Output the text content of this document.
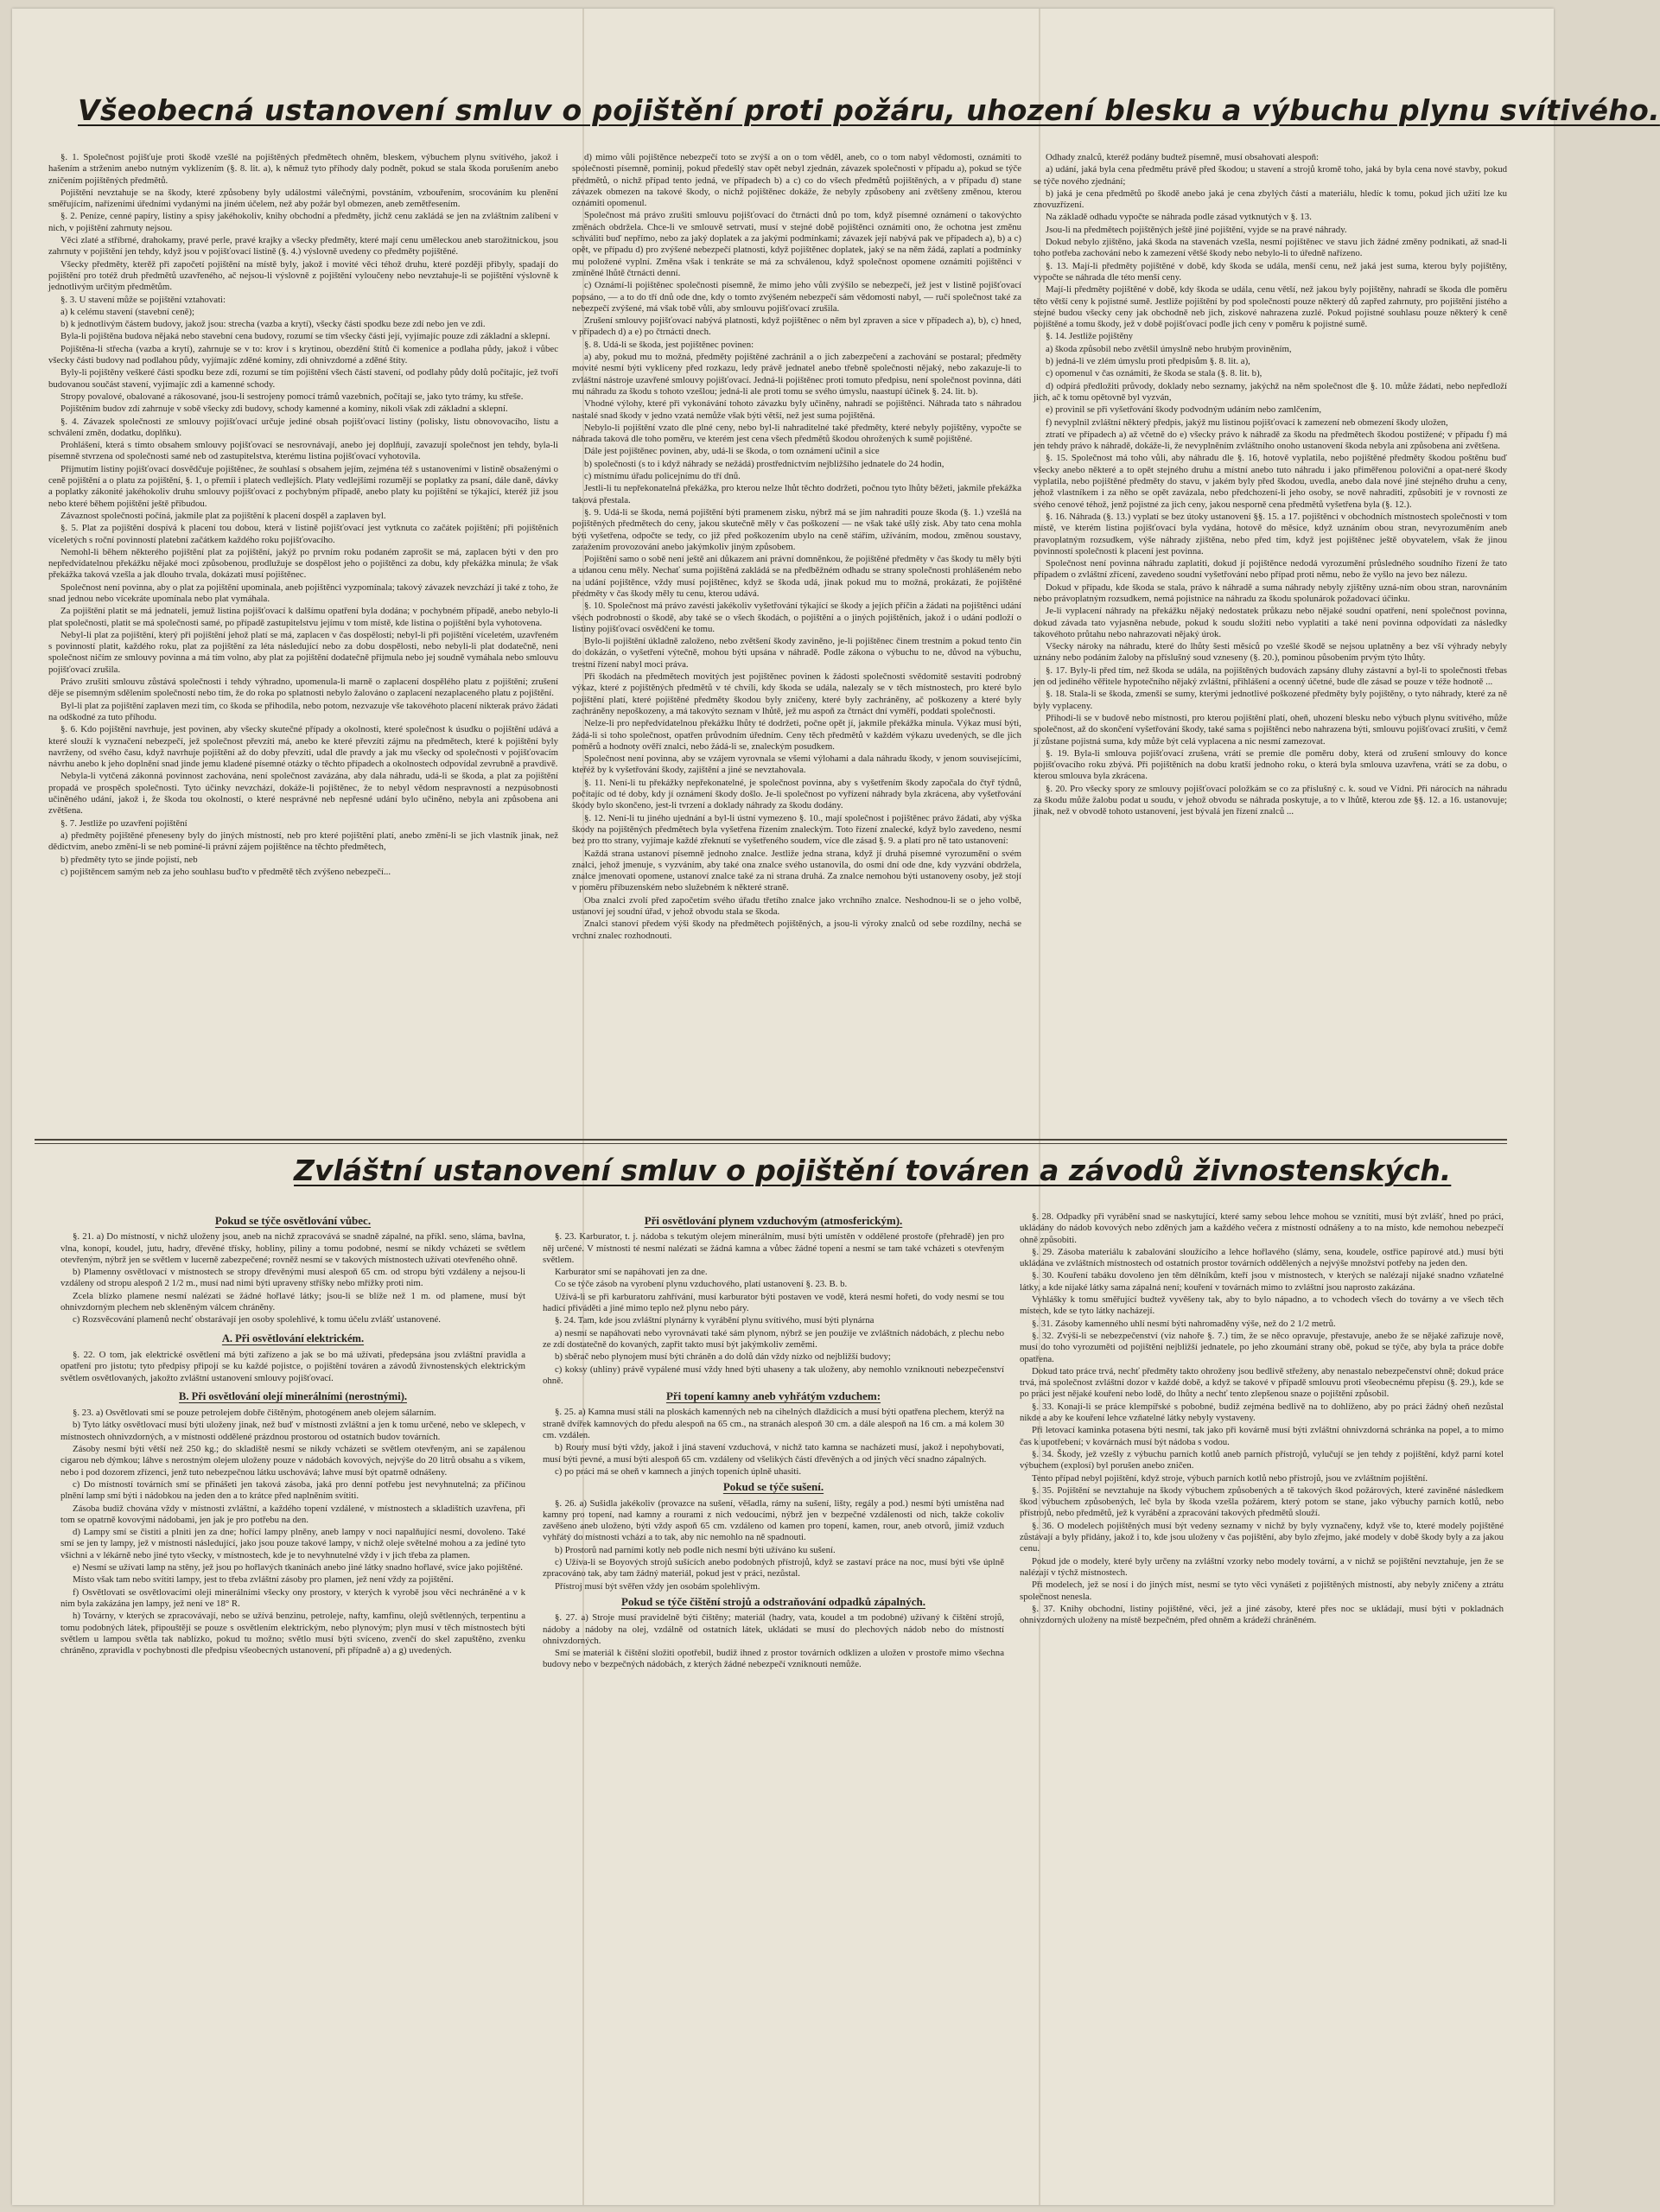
Všeobecná ustanovení smluv o pojištění proti požáru, uhození blesku a výbuchu plynu svítivého.

§. 1. Společnost pojišťuje proti škodě vzešlé na pojištěných předmětech ohněm, bleskem, výbuchem plynu svítivého, jakož i hašením a strženim anebo nutným vyklizením (§. 8. lit. a), k němuž tyto příhody daly podnět, pokud se stala škoda porušením anebo zničením pojištěných předmětů.

Pojištění nevztahuje se na škody, které způsobeny byly událostmi válečnými, povstáním, vzbouřením, srocováním ku plenění směřujícím, nařízeními úředními vydanými na jiném účelem, než aby požár byl obmezen, aneb zemětřesením.

§. 2. Peníze, cenné papíry, listiny a spisy jakéhokoliv, knihy obchodní a předměty, jichž cenu zakládá se jen na zvláštním zalíbení v nich, v pojištění zahrnuty nejsou.

Věci zlaté a stříbrné, drahokamy, pravé perle, pravé krajky a všecky předměty, které mají cenu uměleckou aneb starožitnickou, jsou zahrnuty v pojištění jen tehdy, když jsou v pojišťovací listině (§. 4.) výslovně uvedeny co předměty pojištěné.

Všecky předměty, kterěž při započetí pojištění na místě byly, jakož i movité věci téhož druhu, které později přibyly, spadají do pojištění pro totéž druh předmětů uzavřeného, ač nejsou-li výslovně z pojištění vyloučeny nebo nevztahuje-li se pojištění výslovně k jednotlivým určitým předmětům.

§. 3. U stavení může se pojištění vztahovati:

a) k celému stavení (stavební ceně);

b) k jednotlivým částem budovy, jakož jsou: strecha (vazba a krytí), všecky části spodku beze zdí nebo jen ve zdi.

Byla-li pojištěna budova nějaká nebo stavební cena budovy, rozumí se tím všecky části její, vyjímajíc pouze zdi základní a sklepní.

Pojištěna-li střecha (vazba a krytí), zahrnuje se v to: krov i s krytinou, obezdění štítů či komenice a podlaha půdy, jakož i vůbec všecky části budovy nad podlahou půdy, vyjímajíc zděné kominy, zdi ohnivzdorné a zděné štíty.

Byly-li pojištěny veškeré části spodku beze zdí, rozumí se tím pojištění všech částí stavení, od podlahy půdy dolů počítajíc, jež tvoří budovanou součást stavení, vyjímajíc zdi a kamenné schody.

Stropy povalové, obalované a rákosované, jsou-li sestrojeny pomocí trámů vazebních, počítají se, jako tyto trámy, ku střeše.

Pojištěním budov zdí zahrnuje v sobě všecky zdi budovy, schody kamenné a kominy, nikoli však zdi základní a sklepní.

§. 4. Závazek společnosti ze smlouvy pojišťovací určuje jediné obsah pojišťovací listiny (polisky, listu obnovovacího, listu a schválení změn, dodatku, doplňku).

Prohlášení, která s tímto obsahem smlouvy pojišťovací se nesrovnávají, anebo jej doplňují, zavazují společnost jen tehdy, byla-li písemně stvrzena od společnosti samé neb od zastupitelstva, kterému listina pojišťovací vyhotovila.

Přijmutím listiny pojišťovací dosvědčuje pojištěnec, že souhlasí s obsahem jejím, zejména též s ustanoveními v listině obsaženými o ceně pojištění a o platu za pojištění, §. 1, o přemíi i platech vedlejších. Platy vedlejšími rozumějí se poplatky za psaní, dále daně, dávky a poplatky zákonité jakéhokoliv druhu smlouvy pojišťovací z pochybným případě, anebo platy ku pojištění se týkající, kteréž již jsou nebo které během pojištění ještě přibudou.

Závaznost společnosti počíná, jakmile plat za pojištění k placení dospěl a zaplaven byl.

§. 5. Plat za pojištění dospívá k placení tou dobou, která v listině pojišťovací jest vytknuta co začátek pojištění; při pojištěních víceletých s roční povinností platební začátkem každého roku pojišťovacího.

Nemohl-li během některého pojištění plat za pojištění, jakýž po prvním roku podaném zaprošit se má, zaplacen býti v den pro nepředvídatelnou překážku nějaké moci způsobenou, prodlužuje se dospělost jeho o pojištěnci za dobu, kdy překážka minula; že však překážka taková vzešla a jak dlouho trvala, dokázati musí pojištěnec.

Společnost není povinna, aby o plat za pojištění upominala, aneb pojištěnci vyzpomínala; takový závazek nevzchází ji také z toho, že snad jednou nebo vícekráte upomínala nebo plat vymáhala.

Za pojištění platit se má jednateli, jemuž listina pojišťovací k dalšímu opatření byla dodána; v pochybném případě, anebo nebylo-li plat společnosti, platit se má společnosti samé, po případě zastupitelstvu jejímu v tom místě, kde listina o pojištění byla vyhotovena.

Nebyl-li plat za pojištění, který při pojištění jehož platí se má, zaplacen v čas dospělosti; nebyl-li při pojištění víceletém, uzavřeném s povinností platit, každého roku, plat za pojištění za léta následující nebo za dobu dospělosti, nebo nebyli-li plat dodatečně, neni společnost ničím ze smlouvy povinna a má tím volno, aby plat za pojištění dodatečně přijmula nebo jej soudně vymáhala nebo smlouvu pojišťovací zrušila.

Právo zrušiti smlouvu zůstává společnosti i tehdy výhradno, upomenula-li marně o zaplacení dospělého platu z pojištění; zrušení děje se písemným sdělením společností nebo tím, že do roka po splatnosti nebylo žalováno o zaplacení nezaplaceného platu z pojištění.

Byl-li plat za pojištění zaplaven mezi tím, co škoda se přihodila, nebo potom, nezvazuje vše takovéhoto placení nikterak právo žádati na odškodné za tuto příhodu.

§. 6. Kdo pojištění navrhuje, jest povinen, aby všecky skutečné případy a okolnosti, které společnost k úsudku o pojištění udává a které slouží k vyznačení nebezpečí, jež společnost převzíti má, anebo ke které převzíti zájmu na předmětech, které k pojištění byly navrženy, od svého času, když navrhuje pojištění až do doby převzíti, udal dle pravdy a jak mu všecky od společnosti v pojišťovacím návrhu anebo k jeho doplnění snad jinde jemu kladené písemné otázky o těchto případech a okolnostech odpovídal zevrubně a pravdivě.

Nebyla-li vytčená zákonná povinnost zachována, není společnost zavázána, aby dala náhradu, udá-li se škoda, a plat za pojištění propadá ve prospěch společnosti. Tyto účinky nevzchází, dokáže-li pojištěnec, že to nebyl vědom nespravností a nezpúsobnosti učiněného udání, jakož i, že škoda tou okolností, o které nesprávné neb nepřesné udání bylo učiněno, nebyla ani způsobena ani zvětšena.

§. 7. Jestliže po uzavření pojištění

a) předměty pojištěné přeneseny byly do jiných místností, neb pro které pojištění platí, anebo změní-li se jich vlastník jinak, než dědictvím, anebo změní-li se neb pominé-li právní zájem pojištěnce na těchto předmětech,

b) předměty tyto se jinde pojistí, neb

c) pojištěncem samým neb za jeho souhlasu buďto v předmětě těch zvýšeno nebezpečí...

d) mimo vůli pojištěnce nebezpečí toto se zvýší a on o tom věděl, aneb, co o tom nabyl vědomosti, oznámiti to společnosti písemně, pominij, pokud předešlý stav opět nebyl zjednán, závazek společnosti v případu a), pokud se týče předmětů, o nichž případ tento jedná, ve případech b) a c) co do všech předmětů pojištěných, a v případu d) stane závazek obmezen na takové škody, o nichž pojištěnec dokáže, že nebyly způsobeny ani zvětšeny změnou, kterou oznámiti opomenul.

Společnost má právo zrušiti smlouvu pojišťovací do čtrnácti dnů po tom, když písemné oznámení o takovýchto změnách obdržela. Chce-li ve smlouvě setrvati, musí v stejné době pojištěnci oznámiti ono, že ochotna jest změnu schváliti buď nepřímo, nebo za jaký doplatek a za jakými podmínkami; závazek její nabývá pak ve případech a), b) a c) opět, ve případu d) pro zvýšené nebezpečí platnosti, když pojištěnec doplatek, jaký se na něm žádá, zaplatí a podmínky mu položené vyplní. Změna však i tenkráte se má za schválenou, když společnost opomene oznámiti pojištěnci v zmíněné lhůtě čtrnácti denní.

c) Oznámí-li pojištěnec společnosti písemně, že mimo jeho vůli zvýšilo se nebezpečí, jež jest v listině pojišťovací popsáno, — a to do tří dnů ode dne, kdy o tomto zvýšeném nebezpečí sám vědomosti nabyl, — ručí společnost také za nebezpečí zvýšené, má však tobě vůli, aby smlouvu pojišťovací zrušila.

Zrušení smlouvy pojišťovací nabývá platnosti, když pojištěnec o něm byl zpraven a sice v případech a), b), c) hned, v případech d) a e) po čtrnácti dnech.

§. 8. Udá-li se škoda, jest pojištěnec povinen:

a) aby, pokud mu to možná, předměty pojištěné zachránil a o jich zabezpečení a zachování se postaral; předměty movité nesmí býti vykliceny před rozkazu, ledy právě jednatel anebo třebně společnosti nějaký, nebo zakazuje-li to zvláštní nástroje uzavřené smlouvy pojišťovací. Jedná-li pojištěnec proti tomuto předpisu, není společnost povinna, dáti mu náhradu za škodu s tohoto vzešlou; jedná-li ale proti tomu se svého úmyslu, naastupí účinek §. 24. lit. b).

Vhodné výlohy, které při vykonávání tohoto závazku byly učiněny, nahradí se pojištěnci. Náhrada tato s náhradou nastalé snad škody v jedno vzatá nemůže však býti větší, než jest suma pojištěná.

Nebylo-li pojištění vzato dle plné ceny, nebo byl-li nahraditelné také předměty, které nebyly pojištěny, vypočte se náhrada taková dle toho poměru, ve kterém jest cena všech předmětů škodou ohrožených k sumě pojištěné.

Dále jest pojištěnec povinen, aby, udá-li se škoda, o tom oznámení učinil a sice

b) společnosti (s to i když náhrady se nežádá) prostřednictvím nejbližšího jednatele do 24 hodin,

c) místnímu úřadu policejnímu do tří dnů.

Jestli-li tu nepřekonatelná překážka, pro kterou nelze lhůt těchto dodržeti, počnou tyto lhůty běžeti, jakmile překážka taková přestala.

§. 9. Udá-li se škoda, nemá pojištění býti pramenem zisku, nýbrž má se jím nahraditi pouze škoda (§. 1.) vzešlá na pojištěných předmětech do ceny, jakou skutečně měly v čas poškození — ne však také ušlý zisk. Aby tato cena mohla býti vyšetřena, odpočte se tedy, co již před poškozením ubylo na ceně stářím, užíváním, modou, změnou soustavy, zaražením provozování anebo jakýmkoliv jiným způsobem.

Pojištění samo o sobě není ještě ani důkazem ani právní domněnkou, že pojištěné předměty v čas škody tu měly býti a udanou cenu měly. Nechať suma pojištěná zakládá se na předběžném odhadu se strany společnosti prohlášeném nebo na udání pojištěnce, vždy musí pojištěnec, když se škoda udá, jinak pokud mu to možná, prokázati, že pojištěné předměty v čas škody měly tu cenu, kterou udává.

§. 10. Společnost má právo zavésti jakékoliv vyšetřování týkající se škody a jejích příčin a žádati na pojištěnci udání všech podrobností o škodě, aby také se o všech škodách, o pojištění a o jiných pojištěních, jakož i o udání podloží o listiny pojišťovací osvědčení ke tomu.

Bylo-li pojištění úkladně založeno, nebo zvětšení škody zaviněno, je-li pojištěnec činem trestním a pokud tento čin do dokázán, o vyšetření výtečně, mohou býti upsána v náhradě. Podle zákona o výbuchu to ne, důvod na výbuchu, trestní řízení nabyl moci práva.

Při škodách na předmětech movitých jest pojištěnec povinen k žádosti společnosti svědomitě sestaviti podrobný výkaz, které z pojištěných předmětů v té chvíli, kdy škoda se udála, nalezaly se v těch místnostech, pro které bylo pojištění platí, které pojištěné předměty škodou byly zničeny, které byly zachráněny, ač poškozeny a které byly zachráněny nepoškozeny, a má takovýto seznam v lhůtě, jež mu aspoň za čtrnáct dní vyměří, poddati společnosti.

Nelze-li pro nepředvídatelnou překážku lhůty té dodržeti, počne opět jí, jakmile překážka minula. Výkaz musí býti, žádá-li si toho společnost, opatřen průvodním úředním. Ceny těch předmětů v každém výkazu uvedených, se dle jich poměrů a hodnoty ověří znalci, nebo žádá-li se, znaleckým posudkem.

Společnost není povinna, aby se vzájem vyrovnala se všemi výlohami a dala náhradu škody, v jenom souvisejícími, kteřéž by k vyšetřování škody, zajištění a jiné se nevztahovala.

§. 11. Není-li tu překážky nepřekonatelné, je společnost povinna, aby s vyšetřením škody započala do čtyř týdnů, počítajíc od té doby, kdy jí oznámení škody došlo. Je-li společnost po vyřízení náhrady byla zkrácena, aby vyšetřování škody bylo skončeno, jest-li tvrzení a doklady náhrady za škodu dodány.

§. 12. Není-li tu jiného ujednání a byl-li ústní vymezeno §. 10., mají společnost i pojištěnec právo žádati, aby výška škody na pojištěných předmětech byla vyšetřena řízením znaleckým. Toto řízení znalecké, když bylo zavedeno, nesmí bez pro tto strany, vyjímaje každé zřeknutí se vyšetřeného soudem, více dle zásad §. 9. a platí pro ně tato ustanovení:

Každá strana ustanoví písemně jednoho znalce. Jestliže jedna strana, když jí druhá písemné vyrozumění o svém znalci, jehož jmenuje, s vyzváním, aby také ona znalce svého ustanovila, do osmi dní ode dne, kdy vyzvání obdržela, znalce jmenovati opomene, ustanoví znalce také za ni strana druhá. Za znalce nemohou býti ustanoveny osoby, jež stojí v poměru příbuzenském nebo služebném k některé straně.

Oba znalci zvolí před započetím svého úřadu třetího znalce jako vrchního znalce. Neshodnou-li se o jeho volbě, ustanoví jej soudní úřad, v jehož obvodu stala se škoda.

Znalci stanoví předem výši škody na předmětech pojištěných, a jsou-li výroky znalců od sebe rozdílny, nechá se vrchní znalec rozhodnouti.

Odhady znalců, kteréž podány budtež písemně, musí obsahovati alespoň:

a) udání, jaká byla cena předmětu právě před škodou; u stavení a strojů kromě toho, jaká by byla cena nové stavby, pokud se týče nového zjednání;

b) jaká je cena předmětů po škodě anebo jaká je cena zbylých částí a materiálu, hledíc k tomu, pokud jich užití lze ku znovuzřízení.

Na základě odhadu vypočte se náhrada podle zásad vytknutých v §. 13.

Jsou-li na předmětech pojištěných ještě jiné pojištění, vyjde se na pravé náhrady.

Dokud nebylo zjištěno, jaká škoda na stavenách vzešla, nesmí pojištěnec ve stavu jich žádné změny podnikati, až snad-li toho potřeba zachování nebo k zamezení většé škody nebo nebylo-li to úředně nařízeno.

§. 13. Mají-li předměty pojištěné v době, kdy škoda se udála, menší cenu, než jaká jest suma, kterou byly pojištěny, vypočte se náhrada dle této menší ceny.

Mají-li předměty pojištěné v době, kdy škoda se udála, cenu větší, než jakou byly pojištěny, nahradí se škoda dle poměru těto větší ceny k pojistné sumě. Jestliže pojištění by pod společností pouze některý dů zapřed zahrnuty, pro pojištění jistého a stejné budou všecky ceny jak obchodně neb jich, ziskové nahrazena zuzlé. Pokud pojistné souhlasu pouze některý k ceně pojištěné a tomu škody, jež v době pojišťovací podle jich ceny v poměru k pojistné sumě.

§. 14. Jestliže pojištěny

a) škoda způsobil nebo zvětšil úmyslně nebo hrubým proviněním,

b) jedná-li ve zlém úmyslu proti předpisům §. 8. lit. a),

c) opomenul v čas oznámiti, že škoda se stala (§. 8. lit. b),

d) odpírá předložiti průvody, doklady nebo seznamy, jakýchž na něm společnost dle §. 10. může žádati, nebo nepředloží jich, ač k tomu opětovně byl vyzván,

e) provinil se při vyšetřování škody podvodným udáním nebo zamlčením,

f) nevyplnil zvláštní některý předpis, jakýž mu listinou pojišťovací k zamezení neb obmezení škody uložen,

ztratí ve případech a) až včetně do e) všecky právo k náhradě za škodu na předmětech škodou postižené; v případu f) má jen tehdy právo k náhradě, dokáže-li, že nevyplněním zvláštního onoho ustanovení škoda nebyla ani způsobena ani zvětšena.

§. 15. Společnost má toho vůli, aby náhradu dle §. 16, hotově vyplatila, nebo pojištěné předměty škodou poštěnu buď všecky anebo některé a to opět stejného druhu a místní anebo tuto náhradu i jako přiměřenou poloviční a opat-neré škody vyplatila, nebo pojištěné předměty do stavu, v jakém byly před škodou, uvedla, anebo dala nové jiné stejného druhu a ceny, jehož vlastníkem i za něho se opět zavázala, nebo předchození-li jeho osoby, se nově nahraditi, způsobiti je v rovnosti ze svého cenové téhož, jenž pojistné za jich ceny, jakou nesporně cena předmětů vyšetřena byla (§. 12.).

§. 16. Náhrada (§. 13.) vyplatí se bez útoky ustanovení §§. 15. a 17. pojištěnci v obchodních místnostech společnosti v tom místě, ve kterém listina pojišťovací byla vydána, hotově do měsíce, když uznáním obou stran, nevyrozuměním aneb pravoplatným rozsudkem, výše náhrady zjištěna, nebo před tím, když jest pojištěnec ještě obyvatelem, však že jinou povinností společnosti k placení jest povinna.

Společnost není povinna náhradu zaplatiti, dokud jí pojištěnce nedodá vyrozumění průsledného soudního řízení že tato případem o zvláštní zřícení, zavedeno soudní vyšetřování nebo případ proti němu, nebo že vyšlo na jevo bez nálezu.

Dokud v případu, kde škoda se stala, právo k náhradě a suma náhrady nebyly zjištěny uzná-ním obou stran, narovnáním nebo právoplatným rozsudkem, nemá pojistnice na náhradu za škodu spolunárok požadovací účinku.

Je-li vyplacení náhrady na překážku nějaký nedostatek průkazu nebo nějaké soudní opatření, není společnost povinna, dokud závada tato vyjasněna nebude, pokud k soudu složiti nebo vyplatiti a také není povinna odpovídati za následky takovéhoto průtahu nebo nahrazovati nějaký úrok.

Všecky nároky na náhradu, které do lhůty šesti měsíců po vzešlé škodě se nejsou uplatněny a bez vší výhrady nebyly uznány nebo podáním žaloby na příslušný soud vzneseny (§. 20.), pominou působením prvým týto lhůty.

§. 17. Byly-li před tím, než škoda se udála, na pojištěných budovách zapsány dluhy zástavní a byl-li to společnosti třebas jen od jediného věřitele hypotečního nějaký zvláštní, přihlášení a ocenný účetné, bude dle zásad se pouze v téže hodnotě ...

§. 18. Stala-li se škoda, zmenší se sumy, kterými jednotlivé poškozené předměty byly pojištěny, o tyto náhrady, které za ně byly vyplaceny.

Přihodí-li se v budově nebo místnosti, pro kterou pojištění platí, oheň, uhození blesku nebo výbuch plynu svítivého, může společnost, až do skončení vyšetřování škody, také sama s pojištěnci nebo nahrazena býti, smlouvu pojišťovací zrušiti, v čemž jí zůstane pojistná suma, kdy může být celá vyplacena a nic nesmí zamezovat.

§. 19. Byla-li smlouva pojišťovací zrušena, vrátí se premie dle poměru doby, která od zrušení smlouvy do konce pojišťovacího roku zbývá. Při pojištěních na dobu kratší jednoho roku, o která byla smlouva uzavřena, vrátí se za dobu, o kterou smlouva byla zkrácena.

§. 20. Pro všecky spory ze smlouvy pojišťovací položkám se co za příslušný c. k. soud ve Vídni. Při nárocích na náhradu za škodu může žalobu podat u soudu, v jehož obvodu se náhrada poskytuje, a to v lhůtě, kterou zde §§. 12. a 16. ustanovuje; jinak, než v obvodě tohoto ustanovení, jest bývalá jen řízení znalců ...

Zvláštní ustanovení smluv o pojištění továren a závodů živnostenských.
Pokud se týče osvětlování vůbec.

§. 21. a) Do místností, v nichž uloženy jsou, aneb na nichž zpracovává se snadně zápalné, na příkl. seno, sláma, bavlna, vlna, konopí, koudel, jutu, hadry, dřevěné třísky, hobliny, piliny a tomu podobné, nesmí se nikdy vcházeti se světlem otevřeným, nýbrž jen se světlem v lucerně zabezpečené; rovněž nesmí se v takových místnostech užívati otevřeného ohně.

b) Plamenny osvětlovací v místnostech se stropy dřevěnými musí alespoň 65 cm. od stropu býti vzdáleny a nejsou-li vzdáleny od stropu alespoň 2 1/2 m., musí nad nimi býti upraveny stříšky nebo mřížky proti nim.

Zcela blízko plamene nesmí nalézati se žádné hořlavé látky; jsou-li se blíže než 1 m. od plamene, musí být ohnivzdorným plechem neb skleněným válcem chráněny.

c) Rozsvěcování plamenů nechť obstarávají jen osoby spolehlivé, k tomu účelu zvlášť ustanovené.

A. Při osvětlování elektrickém.

§. 22. O tom, jak elektrické osvětlení má býti zařízeno a jak se bo má užívati, předepsána jsou zvláštní pravidla a opatření pro jistotu; tyto předpisy připojí se ku každé pojistce, o pojištění továren a závodů živnostenských elektrickým světlem osvětlovaných, jakožto zvláštní ustanovení smlouvy pojišťovací.

B. Při osvětlování olejí minerálními (nerostnými).

§. 23. a) Osvětlovati smí se pouze petrolejem dobře čištěným, photogénem aneb olejem sálarním.

b) Tyto látky osvětlovací musí býti uloženy jinak, než buď v místnosti zvláštní a jen k tomu určené, nebo ve sklepech, v místnostech ohnivzdorných, a v místnosti oddělené prázdnou prostorou od ostatních budov továrních.

Zásoby nesmí býti větší než 250 kg.; do skladiště nesmí se nikdy vcházeti se světlem otevřeným, ani se zapálenou cigarou neb dýmkou; láhve s nerostným olejem uloženy pouze v nádobách kovových, nejvýše do 20 litrů obsahu a s víkem, nebo i pod dozorem zřízenci, jenž tuto nebezpečnou látku uschovává; lahve musí být opatrně odnášeny.

c) Do místností továrních smí se přinášeti jen taková zásoba, jaká pro denní potřebu jest nevyhnutelná; za příčinou plnění lamp smí býti i nádobkou na jeden den a to krátce před naplněním svítiti.

Zásoba budiž chována vždy v místnosti zvláštní, a každého topení vzdálené, v místnostech a skladištích uzavřena, při tom se opatrně kovovými nádobami, jen jak je pro potřebu na den.

d) Lampy smí se čistiti a plniti jen za dne; hořící lampy plněny, aneb lampy v noci napalňující nesmí, dovoleno. Také smí se jen ty lampy, jež v místnosti následující, jako jsou pouze takové lampy, v nichž oleje světelné mohou a za jediné tyto všichni a v lékárně nebo jiné tyto všecky, v místnostech, kde je to nevyhnutelné vždy i v jich třeba za plamen.

e) Nesmí se užívati lamp na stěny, jež jsou po hořlavých tkaninách anebo jiné látky snadno hořlavé, svíce jako pojištěné.

Místo však tam nebo svítiti lampy, jest to třeba zvláštní zásoby pro plamen, jež není vždy za pojištění.

f) Osvětlovati se osvětlovacími oleji minerálními všecky ony prostory, v kterých k vyrobě jsou věci nechráněné a v k nim byla zakázána jen lampy, jež není ve 18° R.

h) Továrny, v kterých se zpracovávají, nebo se užívá benzinu, petroleje, nafty, kamfinu, olejů světlenných, terpentinu a tomu podobných látek, připouštějí se pouze s osvětlením elektrickým, nebo plynovým; plyn musí v těch místnostech býti světlem u lampou světla tak nablízko, pokud tu možno; světlo musí býti svíceno, zvenčí do skel zapuštěno, zvenku chráněno, zpravidla v pochybnosti dle předpisu všeobecných ustanovení, při případně a) a g) uvedených.

Při osvětlování plynem vzduchovým (atmosferickým).

§. 23. Karburator, t. j. nádoba s tekutým olejem minerálním, musí býti umístěn v oddělené prostoře (přehradě) jen pro něj určené. V místnosti té nesmí nalézati se žádná kamna a vůbec žádné topení a nesmí se tam také vcházeti s otevřeným světlem.

Karburator smí se napáhovati jen za dne.

Co se týče zásob na vyrobení plynu vzduchového, platí ustanovení §. 23. B. b.

Užívá-li se při karburatoru zahřívání, musí karburator býti postaven ve vodě, která nesmí hořeti, do vody nesmí se tou hadicí přiváděti a jiné mimo teplo než plynu nebo páry.

§. 24. Tam, kde jsou zvláštní plynárny k vyrábění plynu svítivého, musí býti plynárna

a) nesmí se napáhovati nebo vyrovnávati také sám plynom, nýbrž se jen použije ve zvláštních nádobách, z plechu nebo ze zdí dostatečně do kovaných, zapřit takto musí být jakýmkoliv zeměmi.

b) sběrač nebo plynojem musí býti chráněn a do dolů dán vždy nízko od nejbližší budovy;

c) koksy (uhliny) právě vypálené musí vždy hned býti uhaseny a tak uloženy, aby nemohlo vzniknouti nebezpečenství ohně.

Při topení kamny aneb vyhřátým vzduchem:

§. 25. a) Kamna musí stáli na ploskách kamenných neb na cihelných dlaždicích a musí býti opatřena plechem, kterýž na straně dvířek kamnových do předu alespoň na 65 cm., na stranách alespoň 30 cm. a dále alespoň na 16 cm. a má kolem 30 cm. vzdálen.

b) Roury musí býti vždy, jakož i jiná stavení vzduchová, v nichž tato kamna se nacházeti musí, jakož i nepohybovati, musí býti pevné, a musí býti alespoň 65 cm. vzdáleny od všelikých částí dřevěných a od jiných věcí snadno zápalných.

c) po práci má se oheň v kamnech a jiných topeních úplně uhasiti.

Pokud se týče sušení.

§. 26. a) Sušidla jakékoliv (provazce na sušení, věšadla, rámy na sušení, lišty, regály a pod.) nesmí býti umístěna nad kamny pro topení, nad kamny a rourami z nich vedoucími, nýbrž jen v bezpečné vzdálenosti od nich, takže cokoliv zavěšeno aneb uloženo, býti vždy aspoň 65 cm. vzdáleno od kamen pro topení, kamen, rour, aneb otvorů, jimiž vzduch vyhřátý do místnosti vchází a to tak, aby nic nemohlo na ně spadnouti.

b) Prostorů nad parními kotly neb podle nich nesmí býti užíváno ku sušení.

c) Užíva-li se Boyových strojů sušících anebo podobných přístrojů, když se zastaví práce na noc, musí býti vše úplně zpracováno tak, aby tam žádný materiál, pokud jest v práci, nezůstal.

Přístroj musí být svěřen vždy jen osobám spolehlivým.

Pokud se týče čištění strojů a odstraňování odpadků zápalných.

§. 27. a) Stroje musí pravidelně býti čištěny; materiál (hadry, vata, koudel a tm podobné) užívaný k čištění strojů, nádoby a nádoby na olej, vzdálně od ostatních látek, ukládati se musí do plechových nádob nebo do místností ohnivzdorných.

Smí se materiál k čištění složiti opotřebil, budiž ihned z prostor továrních odklizen a uložen v prostoře mimo všechna budovy nebo v bezpečných nádobách, z kterých žádné nebezpečí vzniknouti nemůže.

§. 28. Odpadky při vyrábění snad se naskytující, které samy sebou lehce mohou se vznítiti, musí být zvlášť, hned po práci, ukládány do nádob kovových nebo zděných jam a každého večera z místností odnášeny a to na místo, kde nemohou nebezpečí ohně způsobiti.

§. 29. Zásoba materiálu k zabalování sloužícího a lehce hořlavého (slámy, sena, koudele, ostřice papírové atd.) musí býti ukládána ve zvláštních místnostech od ostatních prostor továrních oddělených a nejvýše množství potřeby na jeden den.

§. 30. Kouření tabáku dovoleno jen těm dělníkům, kteří jsou v místnostech, v kterých se nalézají nijaké snadno vzňatelné látky, a kde nijaké látky sama zápalná není; kouření v továrnách mimo to zvláštní jsou naprosto zakázána.

Vyhlášky k tomu směřující budtež vyvěšeny tak, aby to bylo nápadno, a to vchodech všech do továrny a ve všech těch místech, kde se tyto látky nacházejí.

§. 31. Zásoby kamenného uhlí nesmí býti nahromaděny výše, než do 2 1/2 metrů.

§. 32. Zvýší-li se nebezpečenství (viz nahoře §. 7.) tím, že se něco opravuje, přestavuje, anebo že se nějaké zařizuje nově, musí do toho vyrozuměti od pojištění nejbližší jednatele, po jeho zkoumání strany obě, pokud se týče, aby byla ta práce dobře opatřena.

Dokud tato práce trvá, nechť předměty takto ohroženy jsou bedlivě střeženy, aby nenastalo nebezpečenství ohně; dokud práce trvá, má společnost zvláštní dozor v každé době, a když se takové v případě smlouvu proti všeobecnému přepisu (§. 29.), kde se po práci jest nějaké kouření nebo lodě, do lhůty a nechť tento zlepšenou snaze o pojištění způsobil.

§. 33. Konají-li se práce klempířské s pobobné, budiž zejména bedlivě na to dohlíženo, aby po práci žádný oheň nezůstal nikde a aby ke kouření lehce vzňatelné látky nebyly vystaveny.

Při letovací kaminka potasena býti nesmí, tak jako při kovárně musí býti zvláštní ohnivzdorná schránka na popel, a to mimo čas k upotřebení; v kovárnách musí být nádoba s vodou.

§. 34. Škody, jež vzešly z výbuchu parních kotlů aneb parních přístrojů, vylučují se jen tehdy z pojištění, když parní kotel výbuchem (explosí) byl porušen anebo zničen.

Tento případ nebyl pojištění, když stroje, výbuch parních kotlů nebo přístrojů, jsou ve zvláštním pojištění.

§. 35. Pojištění se nevztahuje na škody výbuchem způsobených a tě takových škod požárových, které zaviněné následkem škod výbuchem způsobených, leč byla by škoda vzešla požárem, který potom se stane, jako výbuchy parních kotlů, nebo přístrojů, nebo předmětů, jež k vyrábění a zpracování takových předmětů slouží.

§. 36. O modelech pojištěných musí být vedeny seznamy v nichž by byly vyznačeny, když vše to, které modely pojištěné zůstávají a byly přidány, jakož i to, kde jsou uloženy v čas pojištění, aby bylo zřejmo, jaké modely v době škody byly a za jakou cenu.

Pokud jde o modely, které byly určeny na zvláštní vzorky nebo modely tovární, a v nichž se pojištění nevztahuje, jen že se nalézají v týchž místnostech.

Při modelech, jež se nosí i do jiných míst, nesmí se tyto věci vynášeti z pojištěných místností, aby nebyly zničeny a ztrátu společnost nenesla.

§. 37. Knihy obchodní, listiny pojištěné, věci, jež a jiné zásoby, které přes noc se ukládají, musí býti v pokladnách ohnivzdorných uloženy na místě bezpečném, před ohněm a krádeží chráněném.
